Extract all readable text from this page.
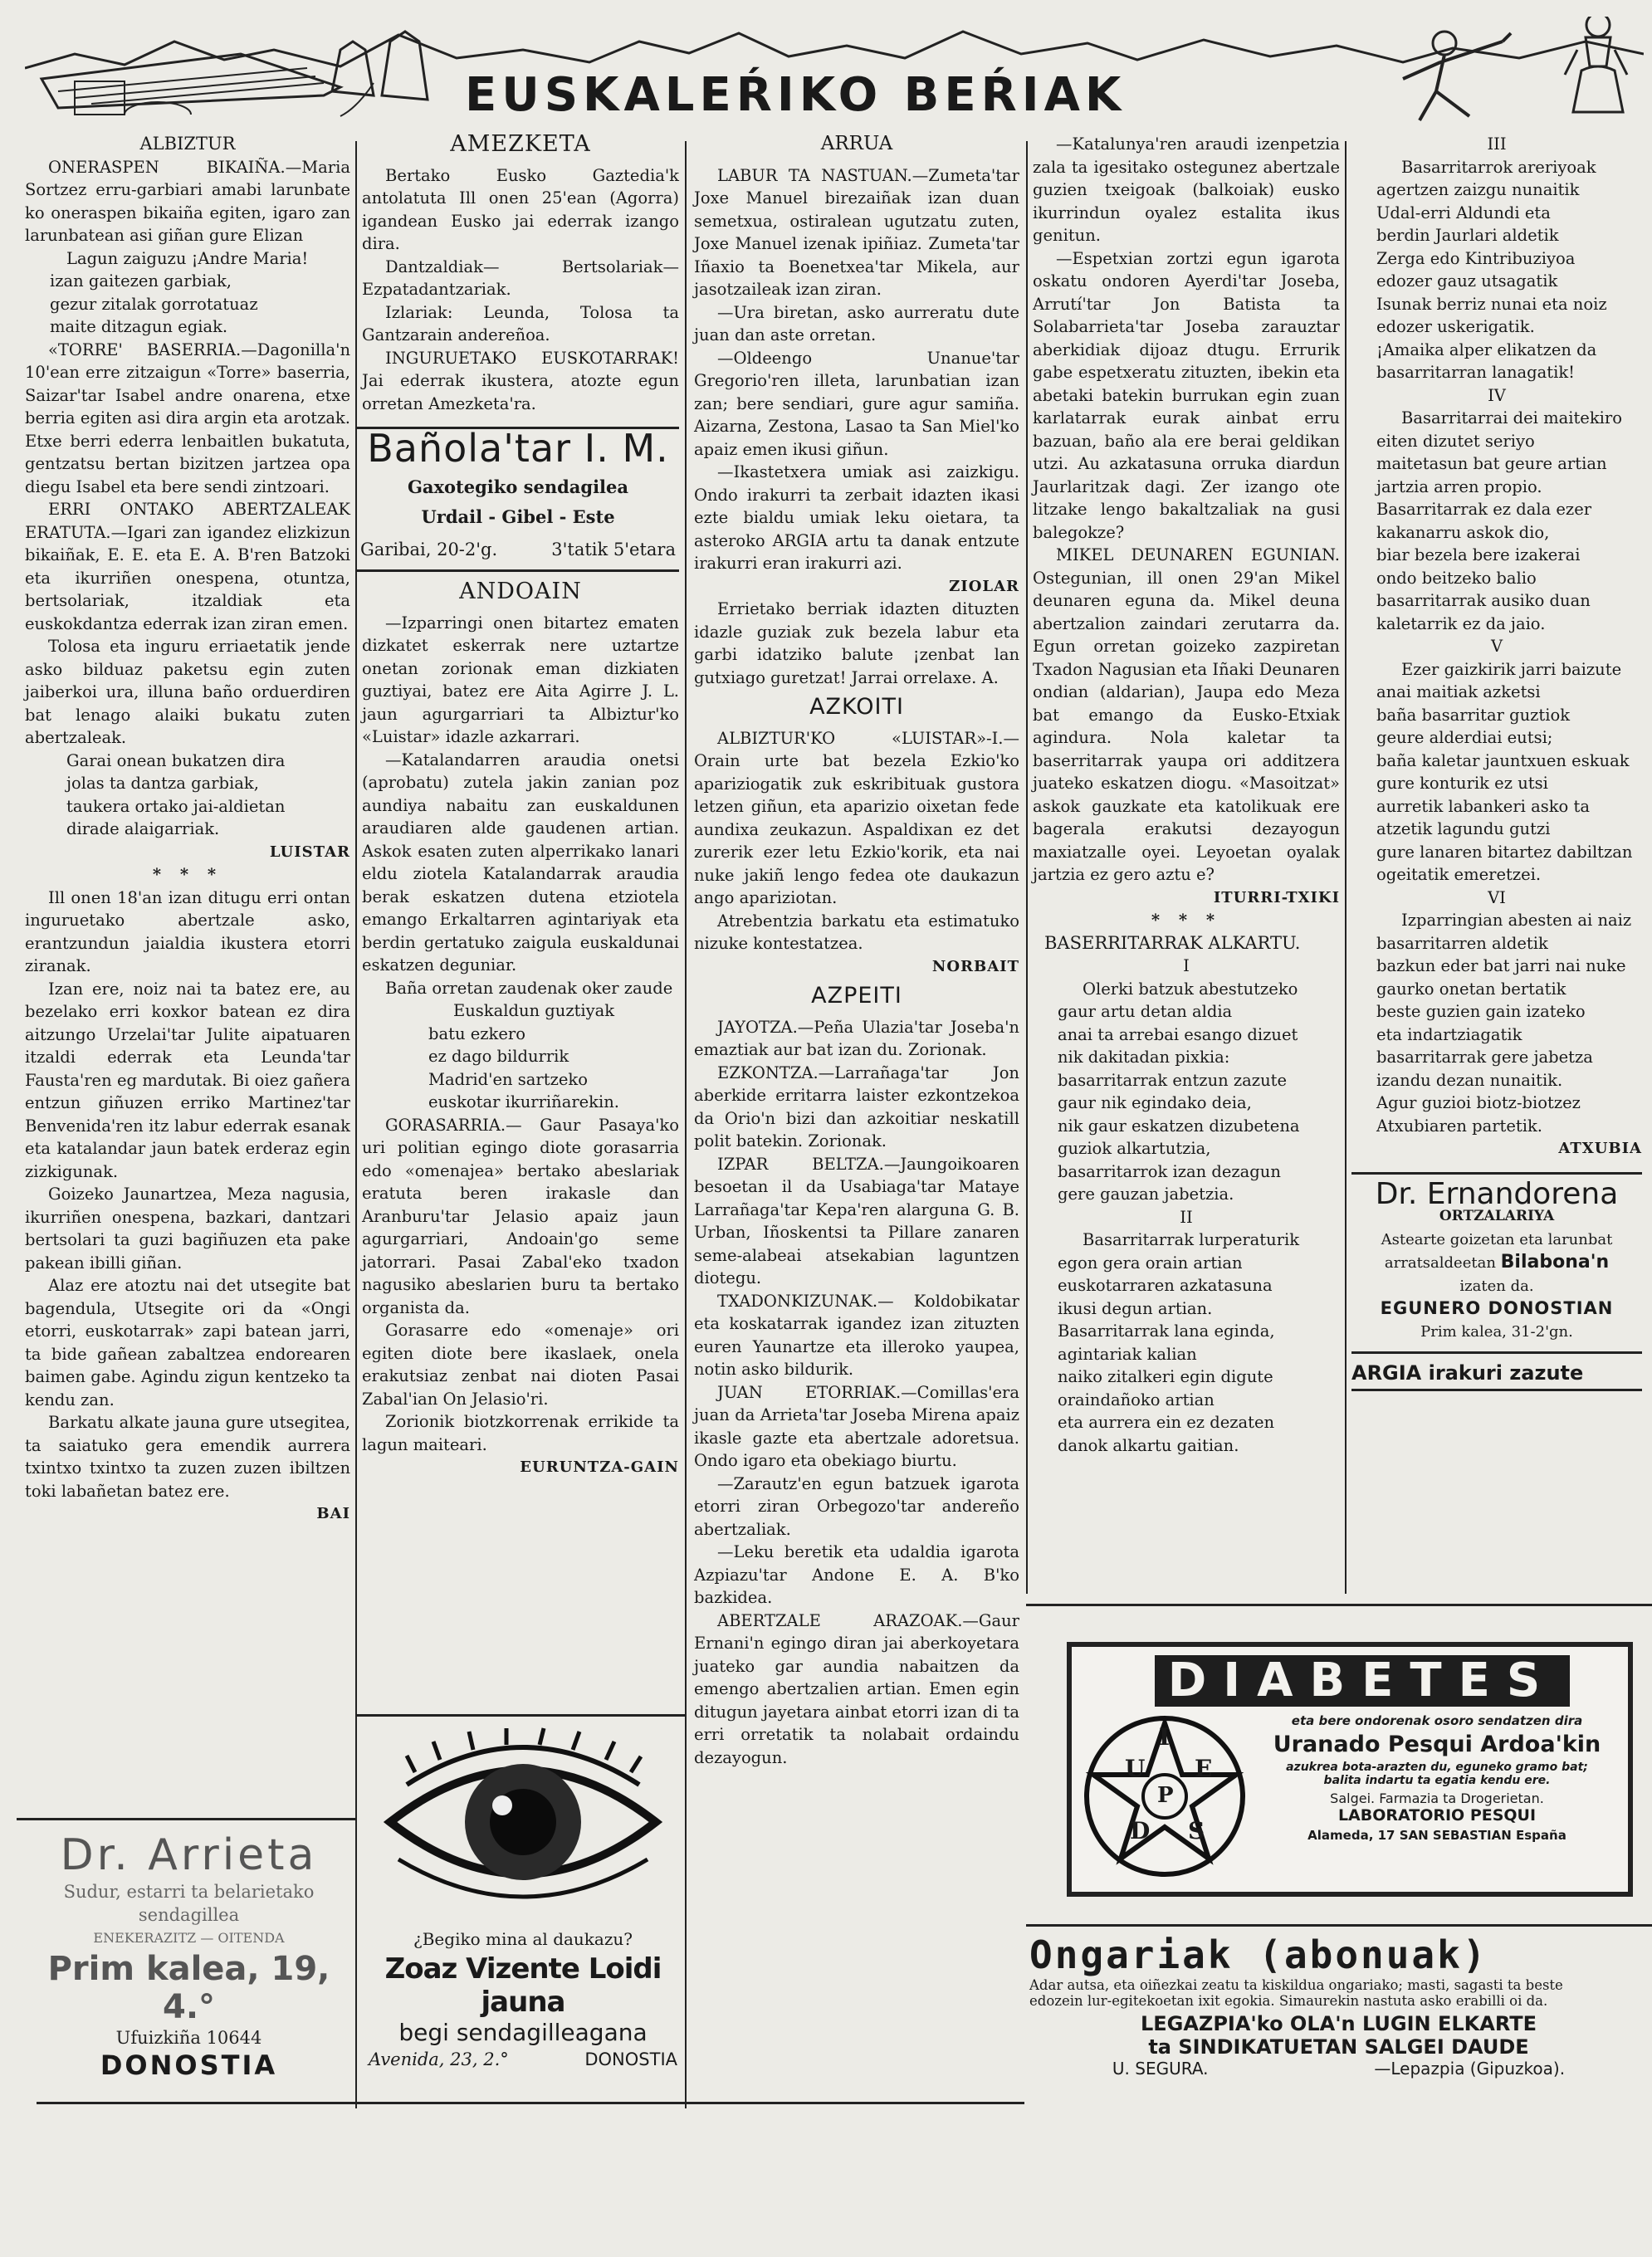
EUSKALEŔIKO BEŔIAK
ALBIZTUR

ONERASPEN BIKAIÑA.—Maria Sortzez erru-garbiari amabi larunbate ko oneraspen bikaiña egiten, igaro zan larunbatean asi giñan gure Elizan

Lagun zaiguzu ¡Andre Maria!

izan gaitezen garbiak,

gezur zitalak gorrotatuaz

maite ditzagun egiak.

«TORRE' BASERRIA.—Dagonilla'n 10'ean erre zitzaigun «Torre» baserria, Saizar'tar Isabel andre onarena, etxe berria egiten asi dira argin eta arotzak. Etxe berri ederra lenbaitlen bukatuta, gentzatsu bertan bizitzen jartzea opa diegu Isabel eta bere sendi zintzoari.

ERRI ONTAKO ABERTZALEAK ERATUTA.—Igari zan igandez elizkizun bikaiñak, E. E. eta E. A. B'ren Batzoki eta ikurriñen onespena, otuntza, bertsolariak, itzaldiak eta euskokdantza ederrak izan ziran emen.

Tolosa eta inguru erriaetatik jende asko bilduaz paketsu egin zuten jaiberkoi ura, illuna baño orduerdiren bat lenago alaiki bukatu zuten abertzaleak.

Garai onean bukatzen dira

jolas ta dantza garbiak,

taukera ortako jai-aldietan

dirade alaigarriak.

LUISTAR

* * *

Ill onen 18'an izan ditugu erri ontan inguruetako abertzale asko, erantzundun jaialdia ikustera etorri ziranak.

Izan ere, noiz nai ta batez ere, au bezelako erri koxkor batean ez dira aitzungo Urzelai'tar Julite aipatuaren itzaldi ederrak eta Leunda'tar Fausta'ren eg mardutak. Bi oiez gañera entzun giñuzen erriko Martinez'tar Benvenida'ren itz labur ederrak esanak eta katalandar jaun batek erderaz egin zizkigunak.

Goizeko Jaunartzea, Meza nagusia, ikurriñen onespena, bazkari, dantzari bertsolari ta guzi bagiñuzen eta pake pakean ibilli giñan.

Alaz ere atoztu nai det utsegite bat bagendula, Utsegite ori da «Ongi etorri, euskotarrak» zapi batean jarri, ta bide gañean zabaltzea endorearen baimen gabe. Agindu zigun kentzeko ta kendu zan.

Barkatu alkate jauna gure utsegitea, ta saiatuko gera emendik aurrera txintxo txintxo ta zuzen zuzen ibiltzen toki labañetan batez ere.

BAI

Dr. Arrieta
Sudur, estarri ta belarietako
sendagillea
ENEKERAZITZ — OITENDA
Prim kalea, 19, 4.°
Ufuizkiña 10644
DONOSTIA
AMEZKETA

Bertako Eusko Gaztedia'k antolatuta Ill onen 25'ean (Agorra) igandean Eusko jai ederrak izango dira.

Dantzaldiak— Bertsolariak— Ezpatadantzariak.

Izlariak: Leunda, Tolosa ta Gantzarain andereñoa.

INGURUETAKO EUSKOTARRAK! Jai ederrak ikustera, atozte egun orretan Amezketa'ra.

Bañola'tar I. M.
Gaxotegiko sendagilea
Urdail - Gibel - Este
Garibai, 20-2'g.	3'tatik 5'etara
ANDOAIN

—Izparringi onen bitartez ematen dizkatet eskerrak nere uztartze onetan zorionak eman dizkiaten guztiyai, batez ere Aita Agirre J. L. jaun agurgarriari ta Albiztur'ko «Luistar» idazle azkarrari.

—Katalandarren araudia onetsi (aprobatu) zutela jakin zanian poz aundiya nabaitu zan euskaldunen araudiaren alde gaudenen artian. Askok esaten zuten alperrikako lanari eldu ziotela Katalandarrak araudia berak eskatzen dutena etziotela emango Erkaltarren agintariyak eta berdin gertatuko zaigula euskaldunai eskatzen deguniar.

Baña orretan zaudenak oker zaude

Euskaldun guztiyak

batu ezkero

ez dago bildurrik

Madrid'en sartzeko

euskotar ikurriñarekin.

GORASARRIA.— Gaur Pasaya'ko uri politian egingo diote gorasarria edo «omenajea» bertako abeslariak eratuta beren irakasle dan Aranburu'tar Jelasio apaiz jaun agurgarriari, Andoain'go seme jatorrari. Pasai Zabal'eko txadon nagusiko abeslarien buru ta bertako organista da.

Gorasarre edo «omenaje» ori egiten diote bere ikaslaek, onela erakutsiaz zenbat nai dioten Pasai Zabal'ian On Jelasio'ri.

Zorionik biotzkorrenak errikide ta lagun maiteari.

EURUNTZA-GAIN

¿Begiko mina al daukazu?
Zoaz Vizente Loidi jauna
begi sendagilleagana
Avenida, 23, 2.°	DONOSTIA
ARRUA

LABUR TA NASTUAN.—Zumeta'tar Joxe Manuel birezaiñak izan duan semetxua, ostiralean ugutzatu zuten, Joxe Manuel izenak ipiñiaz. Zumeta'tar Iñaxio ta Boenetxea'tar Mikela, aur jasotzaileak izan ziran.

—Ura biretan, asko aurreratu dute juan dan aste orretan.

—Oldeengo Unanue'tar Gregorio'ren illeta, larunbatian izan zan; bere sendiari, gure agur samiña. Aizarna, Zestona, Lasao ta San Miel'ko apaiz emen ikusi giñun.

—Ikastetxera umiak asi zaizkigu. Ondo irakurri ta zerbait idazten ikasi ezte bialdu umiak leku oietara, ta asteroko ARGIA artu ta danak entzute irakurri eran irakurri azi.

ZIOLAR

Errietako berriak idazten dituzten idazle guziak zuk bezela labur eta garbi idatziko balute ¡zenbat lan gutxiago guretzat! Jarrai orrelaxe. A.

AZKOITI

ALBIZTUR'KO «LUISTAR»-I.— Orain urte bat bezela Ezkio'ko apariziogatik zuk eskribituak gustora letzen giñun, eta aparizio oixetan fede aundixa zeukazun. Aspaldixan ez det zurerik ezer letu Ezkio'korik, eta nai nuke jakiñ lengo fedea ote daukazun ango apariziotan.

Atrebentzia barkatu eta estimatuko nizuke kontestatzea.

NORBAIT

AZPEITI

JAYOTZA.—Peña Ulazia'tar Joseba'n emaztiak aur bat izan du. Zorionak.

EZKONTZA.—Larrañaga'tar Jon aberkide erritarra laister ezkontzekoa da Orio'n bizi dan azkoitiar neskatill polit batekin. Zorionak.

IZPAR BELTZA.—Jaungoikoaren besoetan il da Usabiaga'tar Mataye Larrañaga'tar Kepa'ren alarguna G. B. Urban, Iñoskentsi ta Pillare zanaren seme-alabeai atsekabian laguntzen diotegu.

TXADONKIZUNAK.— Koldobikatar eta koskatarrak igandez izan zituzten euren Yaunartze eta illeroko yaupea, notin asko bildurik.

JUAN ETORRIAK.—Comillas'era juan da Arrieta'tar Joseba Mirena apaiz ikasle gazte eta abertzale adoretsua. Ondo igaro eta obekiago biurtu.

—Zarautz'en egun batzuek igarota etorri ziran Orbegozo'tar andereño abertzaliak.

—Leku beretik eta udaldia igarota Azpiazu'tar Andone E. A. B'ko bazkidea.

ABERTZALE ARAZOAK.—Gaur Ernani'n egingo diran jai aberkoyetara juateko gar aundia nabaitzen da emengo abertzalien artian. Emen egin ditugun jayetara ainbat etorri izan di ta erri orretatik ta nolabait ordaindu dezayogun.

—Katalunya'ren araudi izenpetzia zala ta igesitako ostegunez abertzale guzien txeigoak (balkoiak) eusko ikurrindun oyalez estalita ikus genitun.

—Espetxian zortzi egun igarota oskatu ondoren Ayerdi'tar Joseba, Arrutí'tar Jon Batista ta Solabarrieta'tar Joseba zarauztar aberkidiak dijoaz dtugu. Errurik gabe espetxeratu zituzten, ibekin eta abetaki batekin burrukan egin zuan karlatarrak eurak ainbat erru bazuan, baño ala ere berai geldikan utzi. Au azkatasuna orruka diardun Jaurlaritzak dagi. Zer izango ote litzake lengo bakaltzaliak na gusi balegokze?

MIKEL DEUNAREN EGUNIAN. Ostegunian, ill onen 29'an Mikel deunaren eguna da. Mikel deuna abertzalion zaindari zerutarra da. Egun orretan goizeko zazpiretan Txadon Nagusian eta Iñaki Deunaren ondian (aldarian), Jaupa edo Meza bat emango da Eusko-Etxiak agindura. Nola kaletar ta baserritarrak yaupa ori additzera juateko eskatzen diogu. «Masoitzat» askok gauzkate eta katolikuak ere bagerala erakutsi dezayogun maxiatzalle oyei. Leyoetan oyalak jartzia ez gero aztu e?

ITURRI-TXIKI

* * *

BASERRITARRAK ALKARTU.

I

Olerki batzuk abestutzeko

gaur artu detan aldia

anai ta arrebai esango dizuet

nik dakitadan pixkia:

basarritarrak entzun zazute

gaur nik egindako deia,

nik gaur eskatzen dizubetena

guziok alkartutzia,

basarritarrok izan dezagun

gere gauzan jabetzia.

II

Basarritarrak lurperaturik

egon gera orain artian

euskotarraren azkatasuna

ikusi degun artian.

Basarritarrak lana eginda,

agintariak kalian

naiko zitalkeri egin digute

oraindañoko artian

eta aurrera ein ez dezaten

danok alkartu gaitian.

III

Basarritarrok areriyoak

agertzen zaizgu nunaitik

Udal-erri Aldundi eta

berdin Jaurlari aldetik

Zerga edo Kintribuziyoa

edozer gauz utsagatik

Isunak berriz nunai eta noiz

edozer uskerigatik.

¡Amaika alper elikatzen da

basarritarran lanagatik!

IV

Basarritarrai dei maitekiro

eiten dizutet seriyo

maitetasun bat geure artian

jartzia arren propio.

Basarritarrak ez dala ezer

kakanarru askok dio,

biar bezela bere izakerai

ondo beitzeko balio

basarritarrak ausiko duan

kaletarrik ez da jaio.

V

Ezer gaizkirik jarri baizute

anai maitiak azketsi

baña basarritar guztiok

geure alderdiai eutsi;

baña kaletar jauntxuen eskuak

gure konturik ez utsi

aurretik labankeri asko ta

atzetik lagundu gutzi

gure lanaren bitartez dabiltzan

ogeitatik emeretzei.

VI

Izparringian abesten ai naiz

basarritarren aldetik

bazkun eder bat jarri nai nuke

gaurko onetan bertatik

beste guzien gain izateko

eta indartziagatik

basarritarrak gere jabetza

izandu dezan nunaitik.

Agur guzioi biotz-biotzez

Atxubiaren partetik.

ATXUBIA

Dr. Ernandorena
ORTZALARIYA
Astearte goizetan eta larunbat
arratsaldeetan Bilabona'n
izaten da.
EGUNERO DONOSTIAN
Prim kalea, 31-2'gn.
ARGIA irakuri zazute
DIABETES
U
I
E
S
D
P
eta bere ondorenak osoro sendatzen dira
Uranado Pesqui Ardoa'kin
azukrea bota-arazten du, eguneko gramo bat;
balita indartu ta egatia kendu ere.
Salgei. Farmazia ta Drogerietan.
LABORATORIO PESQUI
Alameda, 17 SAN SEBASTIAN España
Ongariak (abonuak)
Adar autsa, eta oiñezkai zeatu ta kiskildua ongariako; masti, sagasti ta beste
edozein lur-egitekoetan ixit egokia. Simaurekin nastuta asko erabilli oi da.
LEGAZPIA'ko OLA'n LUGIN ELKARTE
ta SINDIKATUETAN SALGEI DAUDE
U. SEGURA.	—Lepazpia (Gipuzkoa).
